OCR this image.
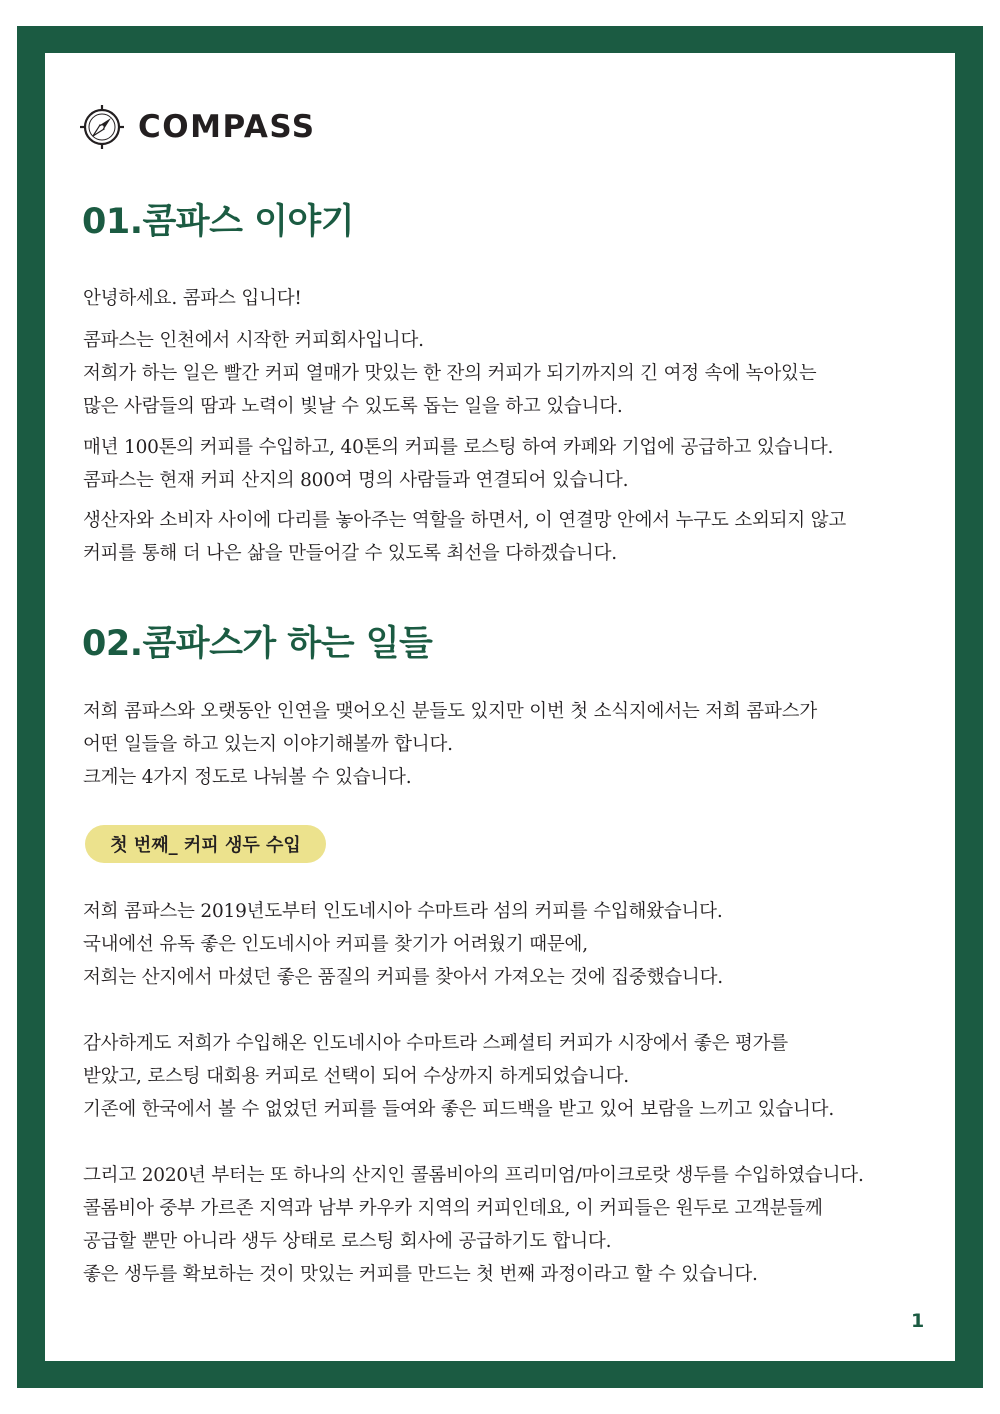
COMPASS
01.콤파스 이야기
안녕하세요. 콤파스 입니다!
콤파스는 인천에서 시작한 커피회사입니다.
저희가 하는 일은 빨간 커피 열매가 맛있는 한 잔의 커피가 되기까지의 긴 여정 속에 녹아있는
많은 사람들의 땀과 노력이 빛날 수 있도록 돕는 일을 하고 있습니다.
매년 100톤의 커피를 수입하고, 40톤의 커피를 로스팅 하여 카페와 기업에 공급하고 있습니다.
콤파스는 현재 커피 산지의 800여 명의 사람들과 연결되어 있습니다.
생산자와 소비자 사이에 다리를 놓아주는 역할을 하면서, 이 연결망 안에서 누구도 소외되지 않고
커피를 통해 더 나은 삶을 만들어갈 수 있도록 최선을 다하겠습니다.
02.콤파스가 하는 일들
저희 콤파스와 오랫동안 인연을 맺어오신 분들도 있지만 이번 첫 소식지에서는 저희 콤파스가
어떤 일들을 하고 있는지 이야기해볼까 합니다.
크게는 4가지 정도로 나눠볼 수 있습니다.
첫 번째_ 커피 생두 수입
저희 콤파스는 2019년도부터 인도네시아 수마트라 섬의 커피를 수입해왔습니다.
국내에선 유독 좋은 인도네시아 커피를 찾기가 어려웠기 때문에,
저희는 산지에서 마셨던 좋은 품질의 커피를 찾아서 가져오는 것에 집중했습니다.
감사하게도 저희가 수입해온 인도네시아 수마트라 스페셜티 커피가 시장에서 좋은 평가를
받았고, 로스팅 대회용 커피로 선택이 되어 수상까지 하게되었습니다.
기존에 한국에서 볼 수 없었던 커피를 들여와 좋은 피드백을 받고 있어 보람을 느끼고 있습니다.
그리고 2020년 부터는 또 하나의 산지인 콜롬비아의 프리미엄/마이크로랏 생두를 수입하였습니다.
콜롬비아 중부 가르존 지역과 남부 카우카 지역의 커피인데요, 이 커피들은 원두로 고객분들께
공급할 뿐만 아니라 생두 상태로 로스팅 회사에 공급하기도 합니다.
좋은 생두를 확보하는 것이 맛있는 커피를 만드는 첫 번째 과정이라고 할 수 있습니다.
1
